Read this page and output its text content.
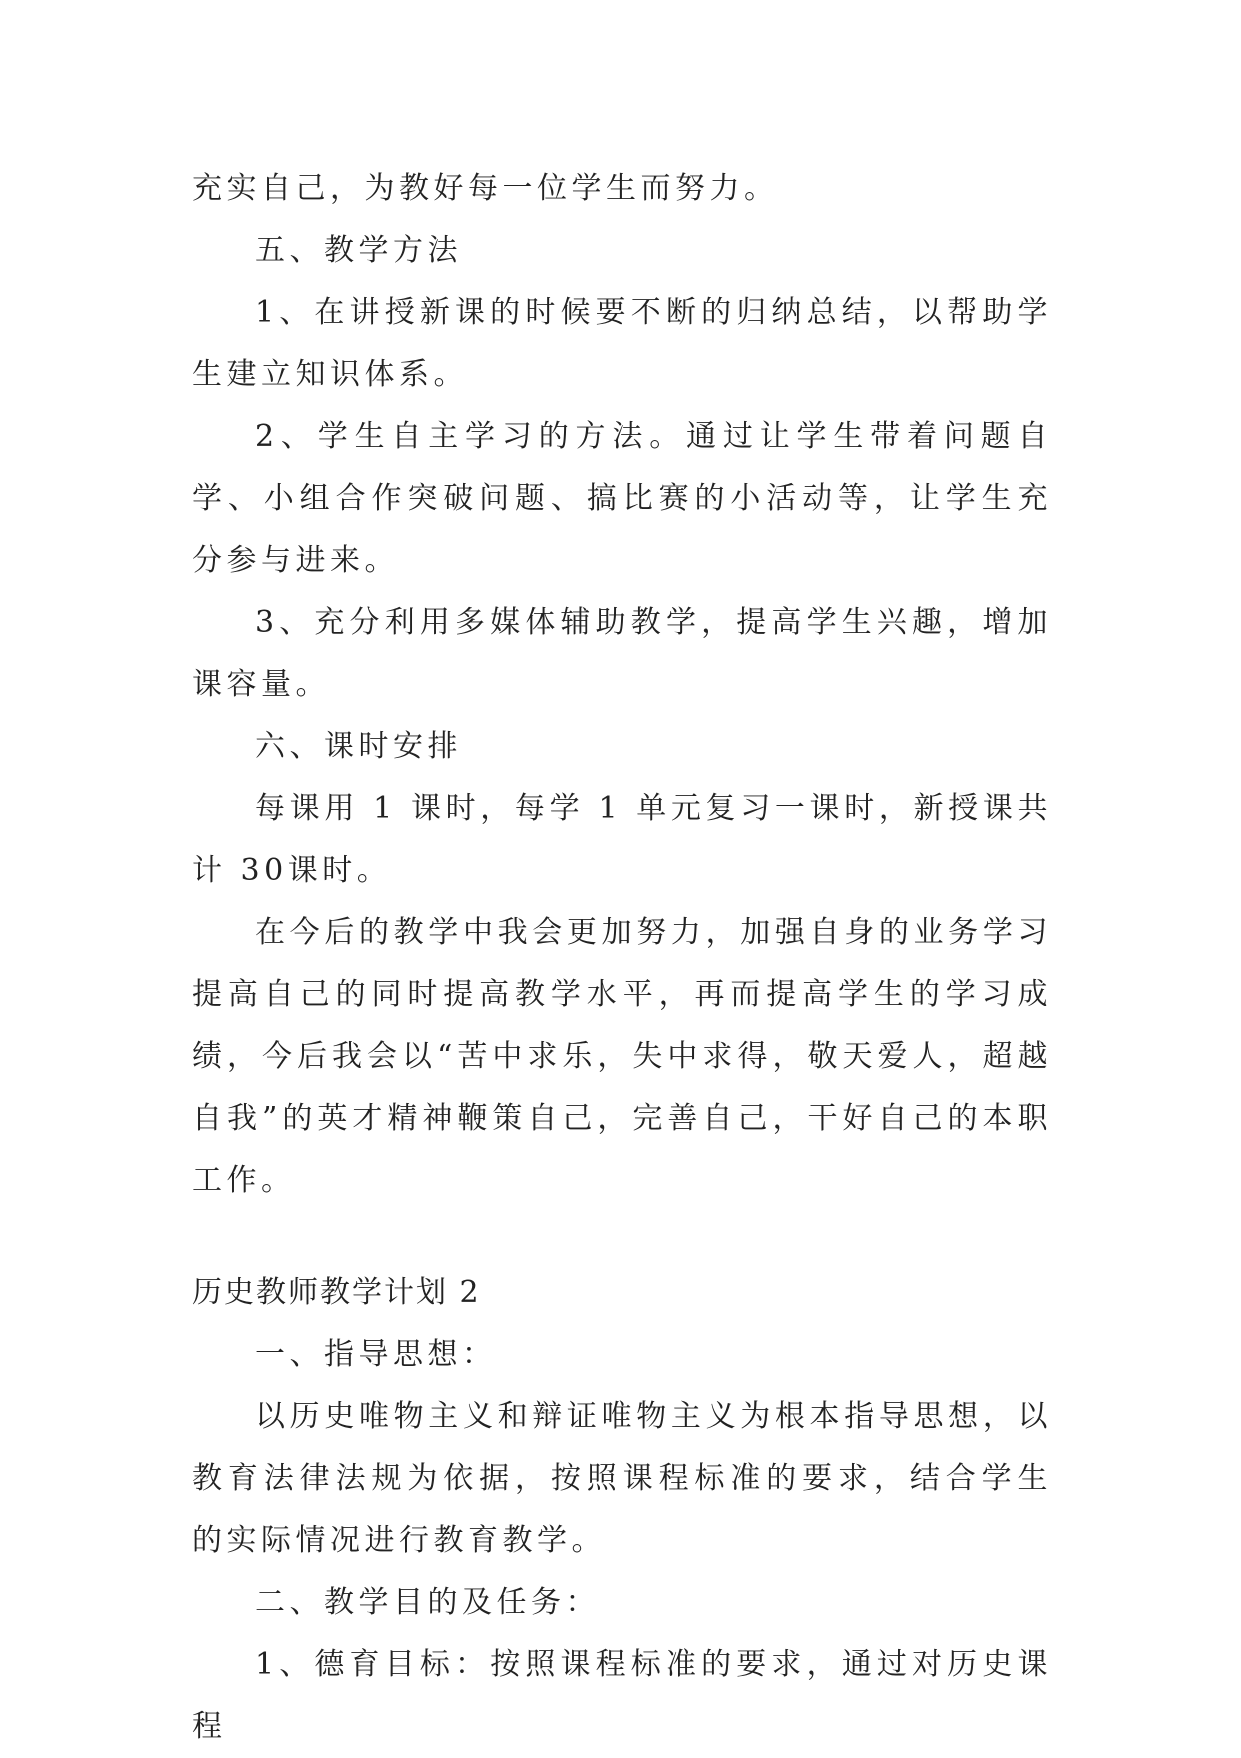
充实自己，为教好每一位学生而努力。

五、教学方法

1、在讲授新课的时候要不断的归纳总结，以帮助学生建立知识体系。

2、学生自主学习的方法。通过让学生带着问题自学、小组合作突破问题、搞比赛的小活动等，让学生充分参与进来。

3、充分利用多媒体辅助教学，提高学生兴趣，增加课容量。

六、课时安排

每课用 1 课时，每学 1 单元复习一课时，新授课共计 30课时。

在今后的教学中我会更加努力，加强自身的业务学习提高自己的同时提高教学水平，再而提高学生的学习成绩，今后我会以“苦中求乐，失中求得，敬天爱人，超越自我”的英才精神鞭策自己，完善自己，干好自己的本职工作。

历史教师教学计划 2

一、指导思想：

以历史唯物主义和辩证唯物主义为根本指导思想，以教育法律法规为依据，按照课程标准的要求，结合学生的实际情况进行教育教学。

二、教学目的及任务：

1、德育目标：按照课程标准的要求，通过对历史课程
